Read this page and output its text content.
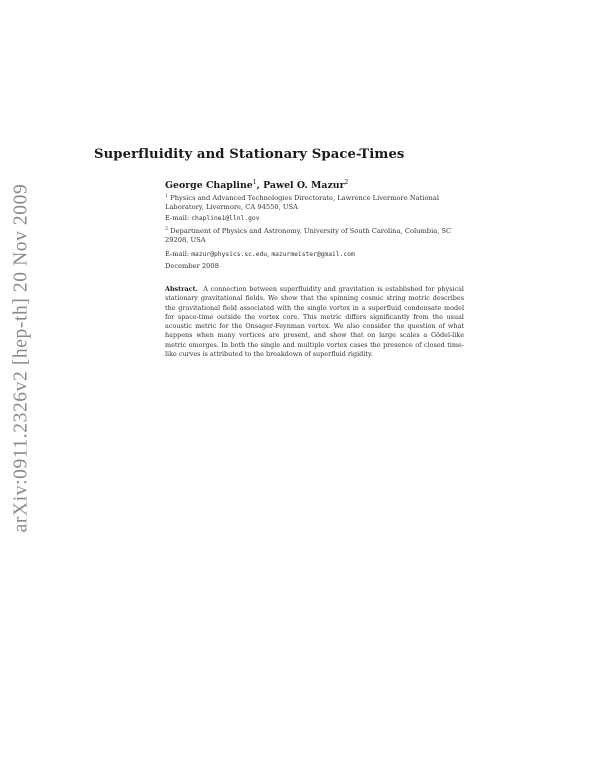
arXiv:0911.2326v2 [hep-th] 20 Nov 2009
Superfluidity and Stationary Space-Times
George Chapline$^1$, Pawel O. Mazur$^2$
$^1$ Physics and Advanced Technologies Directorate, Lawrence Livermore National Laboratory, Livermore, CA 94550, USA
E-mail: chapline1@llnl.gov
$^2$ Department of Physics and Astronomy, University of South Carolina, Columbia, SC 29208, USA
E-mail: mazur@physics.sc.edu, mazurmeister@gmail.com
December 2008
Abstract. A connection between superfluidity and gravitation is established for physical stationary gravitational fields. We show that the spinning cosmic string metric describes the gravitational field associated with the single vortex in a superfluid condensate model for space-time outside the vortex core. This metric differs significantly from the usual acoustic metric for the Onsager-Feynman vortex. We also consider the question of what happens when many vortices are present, and show that on large scales a Gödel-like metric emerges. In both the single and multiple vortex cases the presence of closed time-like curves is attributed to the breakdown of superfluid rigidity.
